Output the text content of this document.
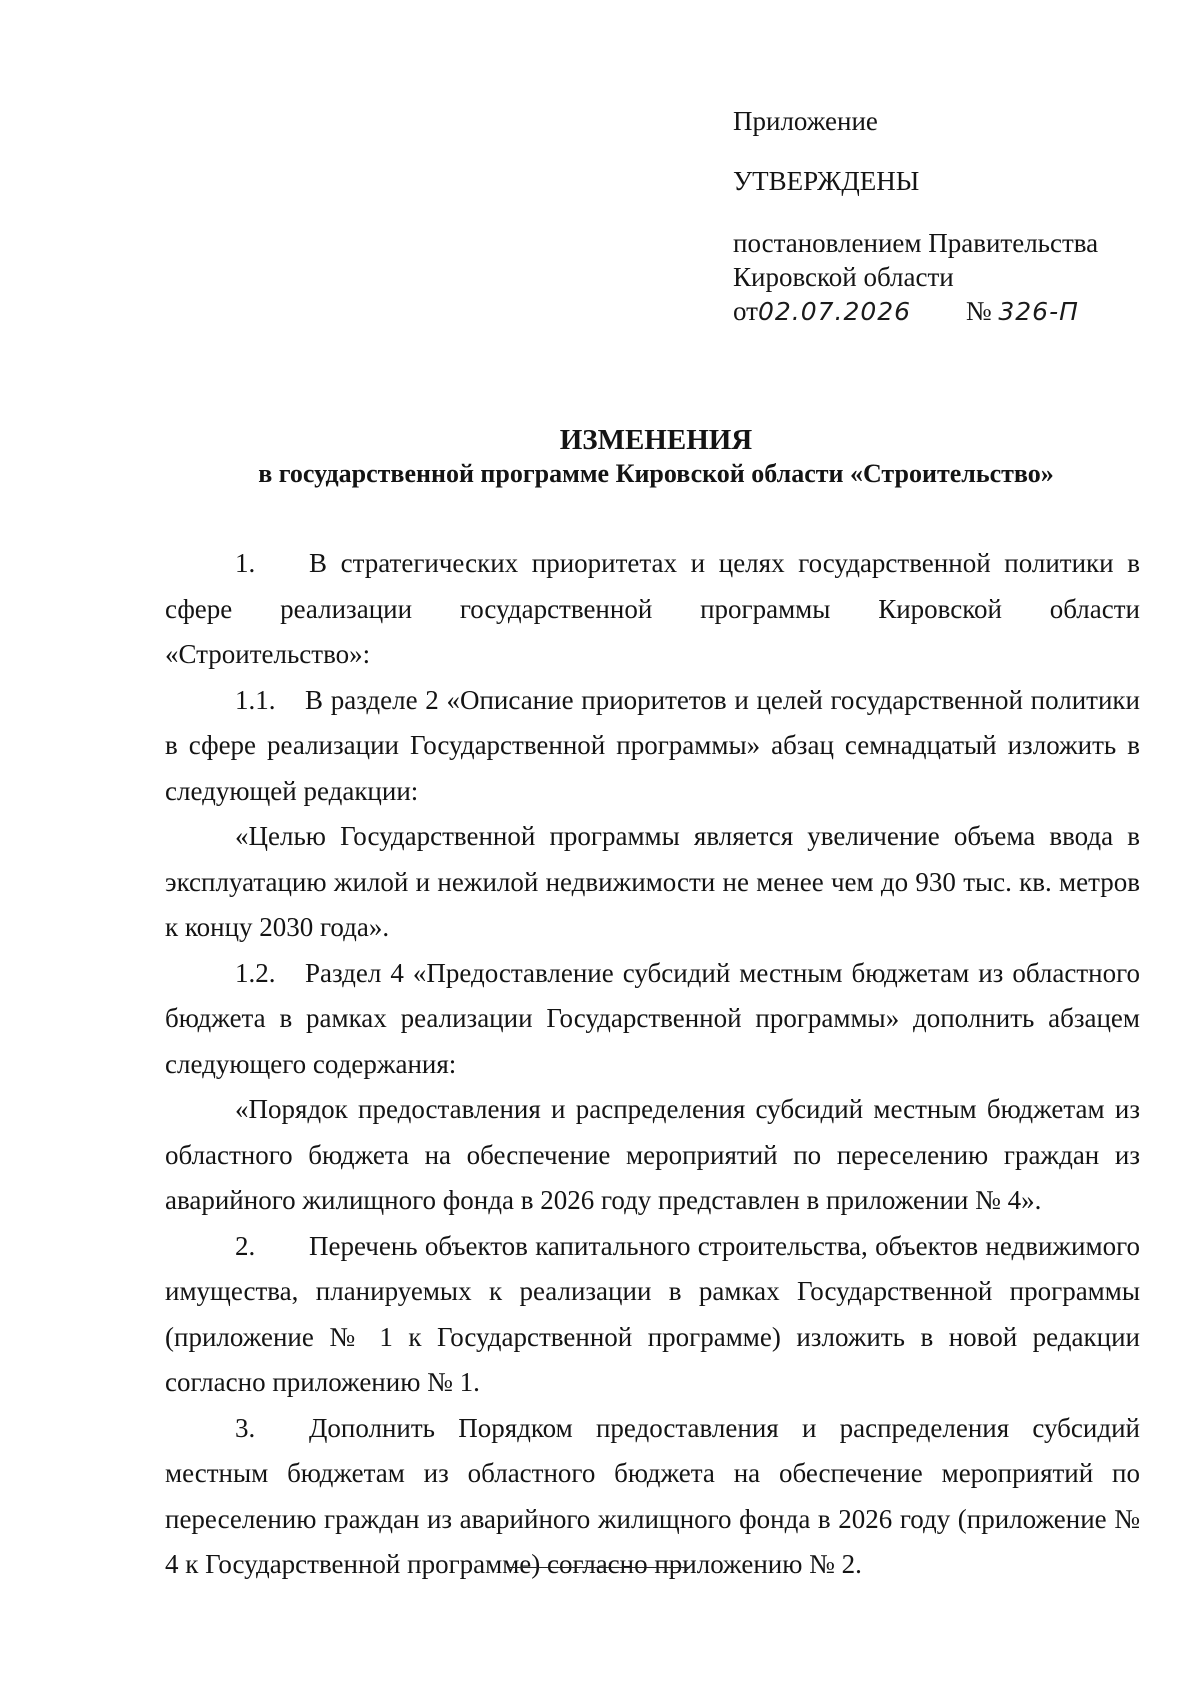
Приложение
УТВЕРЖДЕНЫ
постановлением Правительства
Кировской области
от02.07.2026 № 326-П
ИЗМЕНЕНИЯ
в государственной программе Кировской области «Строительство»

1. В стратегических приоритетах и целях государственной политики в сфере реализации государственной программы Кировской области «Строительство»:

1.1. В разделе 2 «Описание приоритетов и целей государственной политики в сфере реализации Государственной программы» абзац семнадцатый изложить в следующей редакции:

«Целью Государственной программы является увеличение объема ввода в эксплуатацию жилой и нежилой недвижимости не менее чем до 930 тыс. кв. метров к концу 2030 года».

1.2. Раздел 4 «Предоставление субсидий местным бюджетам из областного бюджета в рамках реализации Государственной программы» дополнить абзацем следующего содержания:

«Порядок предоставления и распределения субсидий местным бюджетам из областного бюджета на обеспечение мероприятий по переселению граждан из аварийного жилищного фонда в 2026 году представлен в приложении № 4».

2. Перечень объектов капитального строительства, объектов недвижимого имущества, планируемых к реализации в рамках Государственной программы (приложение № 1 к Государственной программе) изложить в новой редакции согласно приложению № 1.

3. Дополнить Порядком предоставления и распределения субсидий местным бюджетам из областного бюджета на обеспечение мероприятий по переселению граждан из аварийного жилищного фонда в 2026 году (приложение № 4 к Государственной программе) согласно приложению № 2.
